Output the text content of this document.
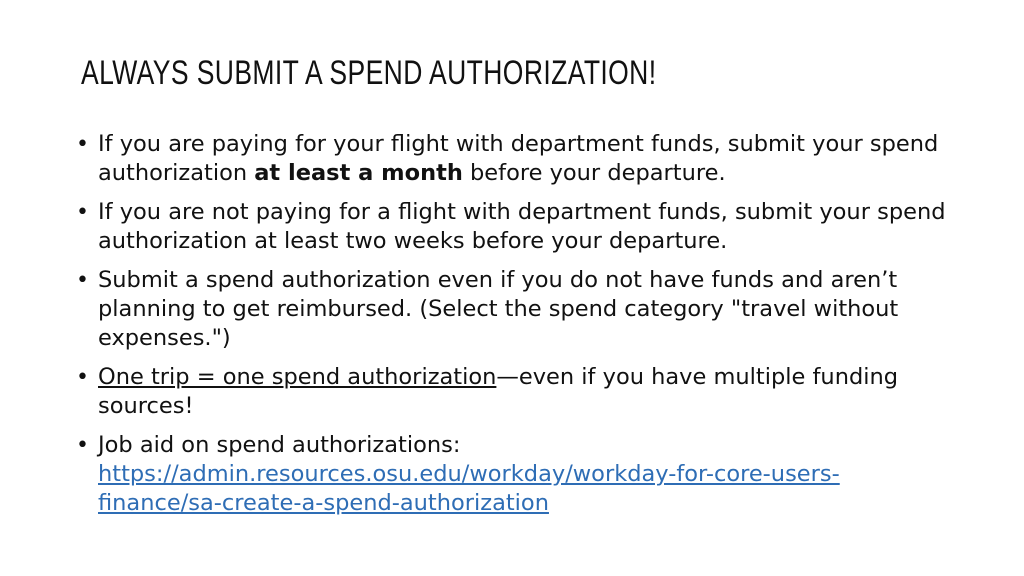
ALWAYS SUBMIT A SPEND AUTHORIZATION!
• If you are paying for your flight with department funds, submit your spend authorization at least a month before your departure.
• If you are not paying for a flight with department funds, submit your spend authorization at least two weeks before your departure.
• Submit a spend authorization even if you do not have funds and aren’t planning to get reimbursed. (Select the spend category "travel without expenses.")
• One trip = one spend authorization—even if you have multiple funding sources!
• Job aid on spend authorizations: https://admin.resources.osu.edu/workday/workday-for-core-users-finance/sa-create-a-spend-authorization
